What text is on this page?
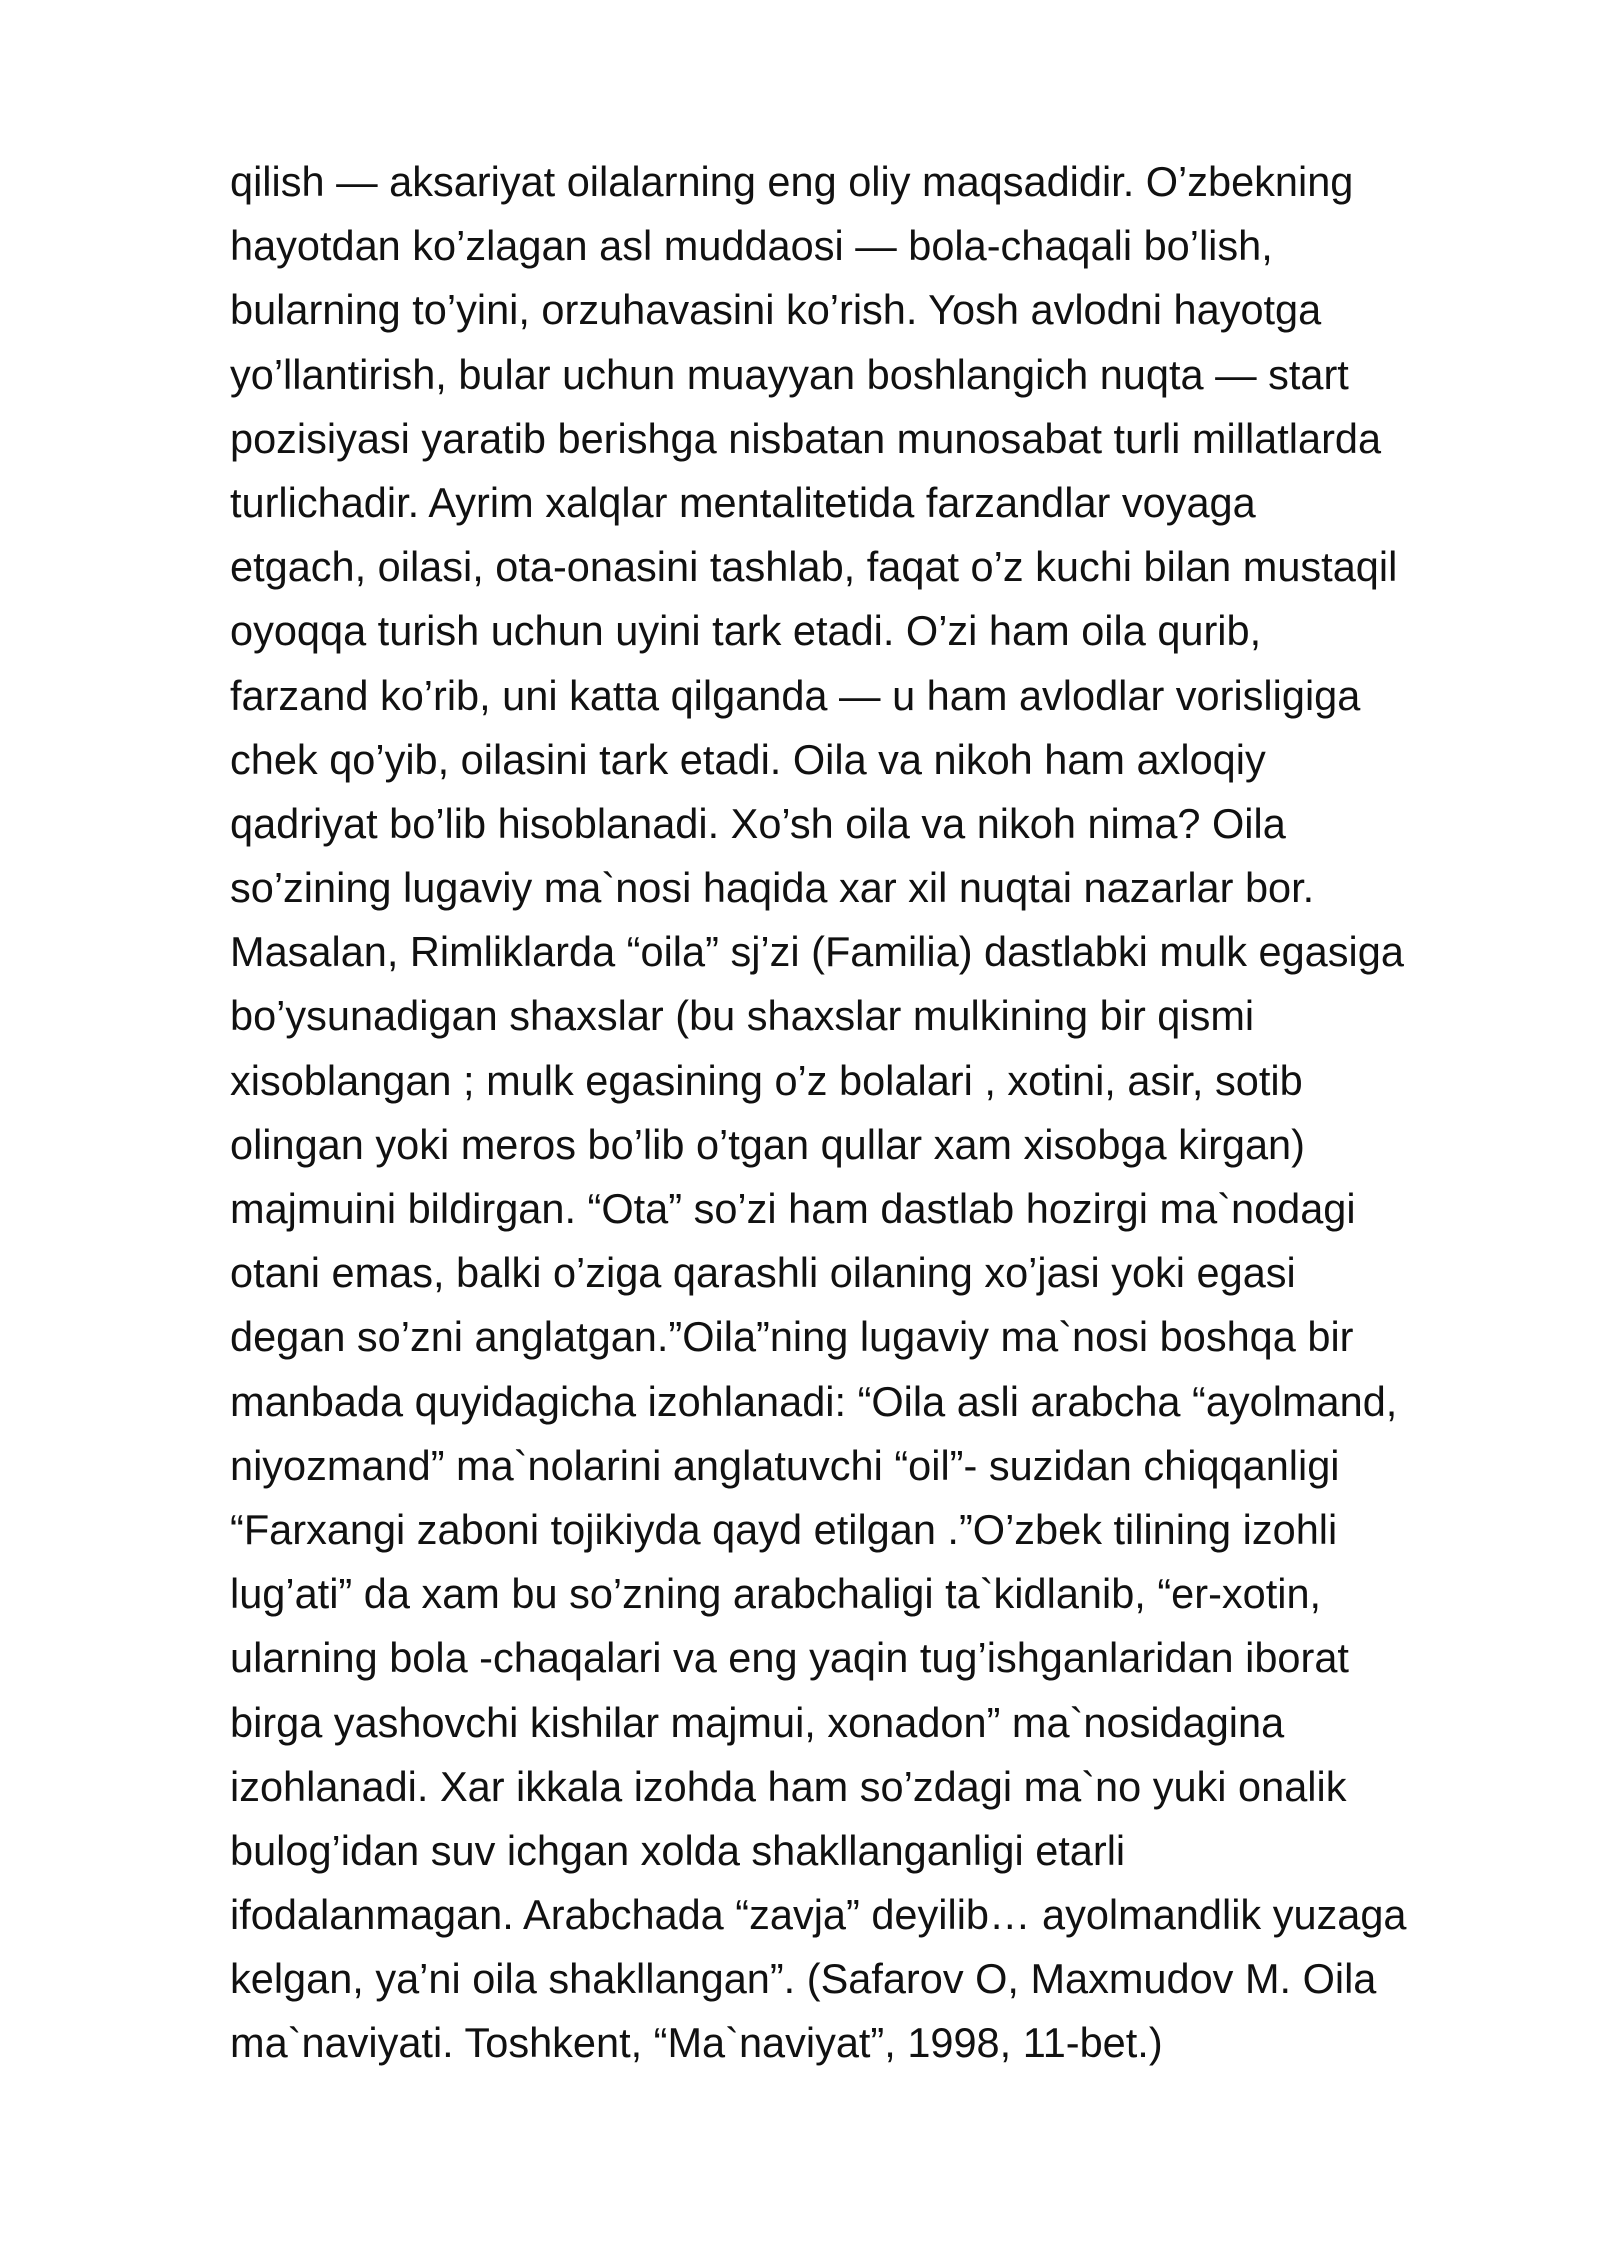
qilish — aksariyat oilalarning eng oliy maqsadidir. O’zbekning
hayotdan ko’zlagan asl muddaosi — bola-chaqali bo’lish,
bularning to’yini, orzuhavasini ko’rish. Yosh avlodni hayotga
yo’llantirish, bular uchun muayyan boshlangich nuqta — start
pozisiyasi yaratib berishga nisbatan munosabat turli millatlarda
turlichadir. Ayrim xalqlar mentalitetida farzandlar voyaga
etgach, oilasi, ota-onasini tashlab, faqat o’z kuchi bilan mustaqil
oyoqqa turish uchun uyini tark etadi. O’zi ham oila qurib,
farzand ko’rib, uni katta qilganda — u ham avlodlar vorisligiga
chek qo’yib, oilasini tark etadi. Oila va nikoh ham axloqiy
qadriyat bo’lib hisoblanadi. Xo’sh oila va nikoh nima? Oila
so’zining lugaviy ma`nosi haqida xar xil nuqtai nazarlar bor.
Masalan, Rimliklarda “oila” sj’zi (Familia) dastlabki mulk egasiga
bo’ysunadigan shaxslar (bu shaxslar mulkining bir qismi
xisoblangan ; mulk egasining o’z bolalari , xotini, asir, sotib
olingan yoki meros bo’lib o’tgan qullar xam xisobga kirgan)
majmuini bildirgan. “Ota” so’zi ham dastlab hozirgi ma`nodagi
otani emas, balki o’ziga qarashli oilaning xo’jasi yoki egasi
degan so’zni anglatgan.”Oila”ning lugaviy ma`nosi boshqa bir
manbada quyidagicha izohlanadi: “Oila asli arabcha “ayolmand,
niyozmand” ma`nolarini anglatuvchi “oil”- suzidan chiqqanligi
“Farxangi zaboni tojikiyda qayd etilgan .”O’zbek tilining izohli
lug’ati” da xam bu so’zning arabchaligi ta`kidlanib, “er-xotin,
ularning bola -chaqalari va eng yaqin tug’ishganlaridan iborat
birga yashovchi kishilar majmui, xonadon” ma`nosidagina
izohlanadi. Xar ikkala izohda ham so’zdagi ma`no yuki onalik
bulog’idan suv ichgan xolda shakllanganligi etarli
ifodalanmagan. Arabchada “zavja” deyilib… ayolmandlik yuzaga
kelgan, ya’ni oila shakllangan”. (Safarov O, Maxmudov M. Oila
ma`naviyati. Toshkent, “Ma`naviyat”, 1998, 11-bet.)
